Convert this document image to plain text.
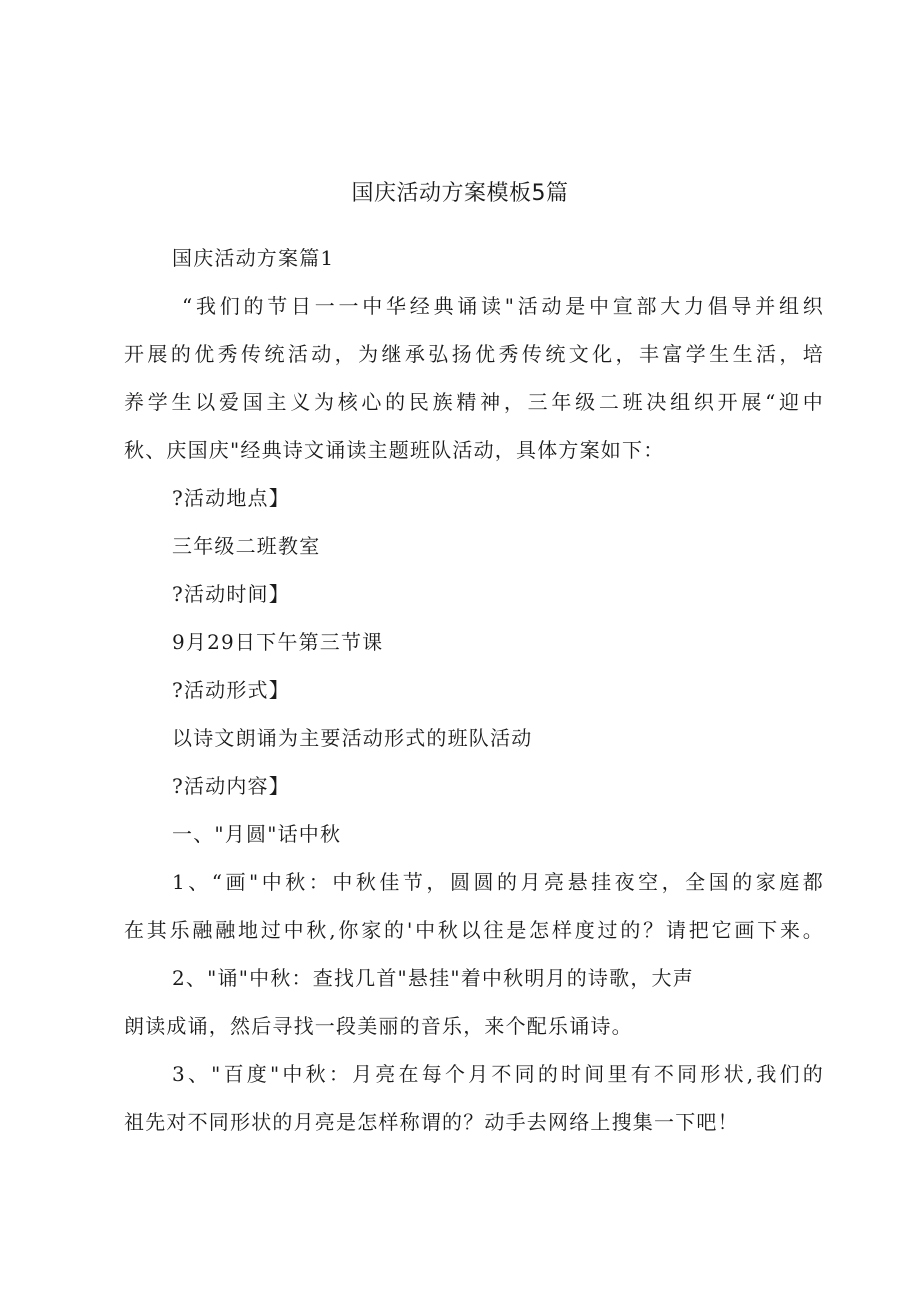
国庆活动方案模板5篇

国庆活动方案篇1

“我们的节日一一中华经典诵读"活动是中宣部大力倡导并组织

开展的优秀传统活动，为继承弘扬优秀传统文化，丰富学生生活，培

养学生以爱国主义为核心的民族精神，三年级二班决组织开展“迎中

秋、庆国庆"经典诗文诵读主题班队活动，具体方案如下：

?活动地点】

三年级二班教室

?活动时间】

9月29日下午第三节课

?活动形式】

以诗文朗诵为主要活动形式的班队活动

?活动内容】

一、"月圆"话中秋

1、“画"中秋：中秋佳节，圆圆的月亮悬挂夜空，全国的家庭都

在其乐融融地过中秋,你家的'中秋以往是怎样度过的？请把它画下来。

2、"诵"中秋：查找几首"悬挂"着中秋明月的诗歌，大声

朗读成诵，然后寻找一段美丽的音乐，来个配乐诵诗。

3、"百度"中秋：月亮在每个月不同的时间里有不同形状,我们的

祖先对不同形状的月亮是怎样称谓的？动手去网络上搜集一下吧！
